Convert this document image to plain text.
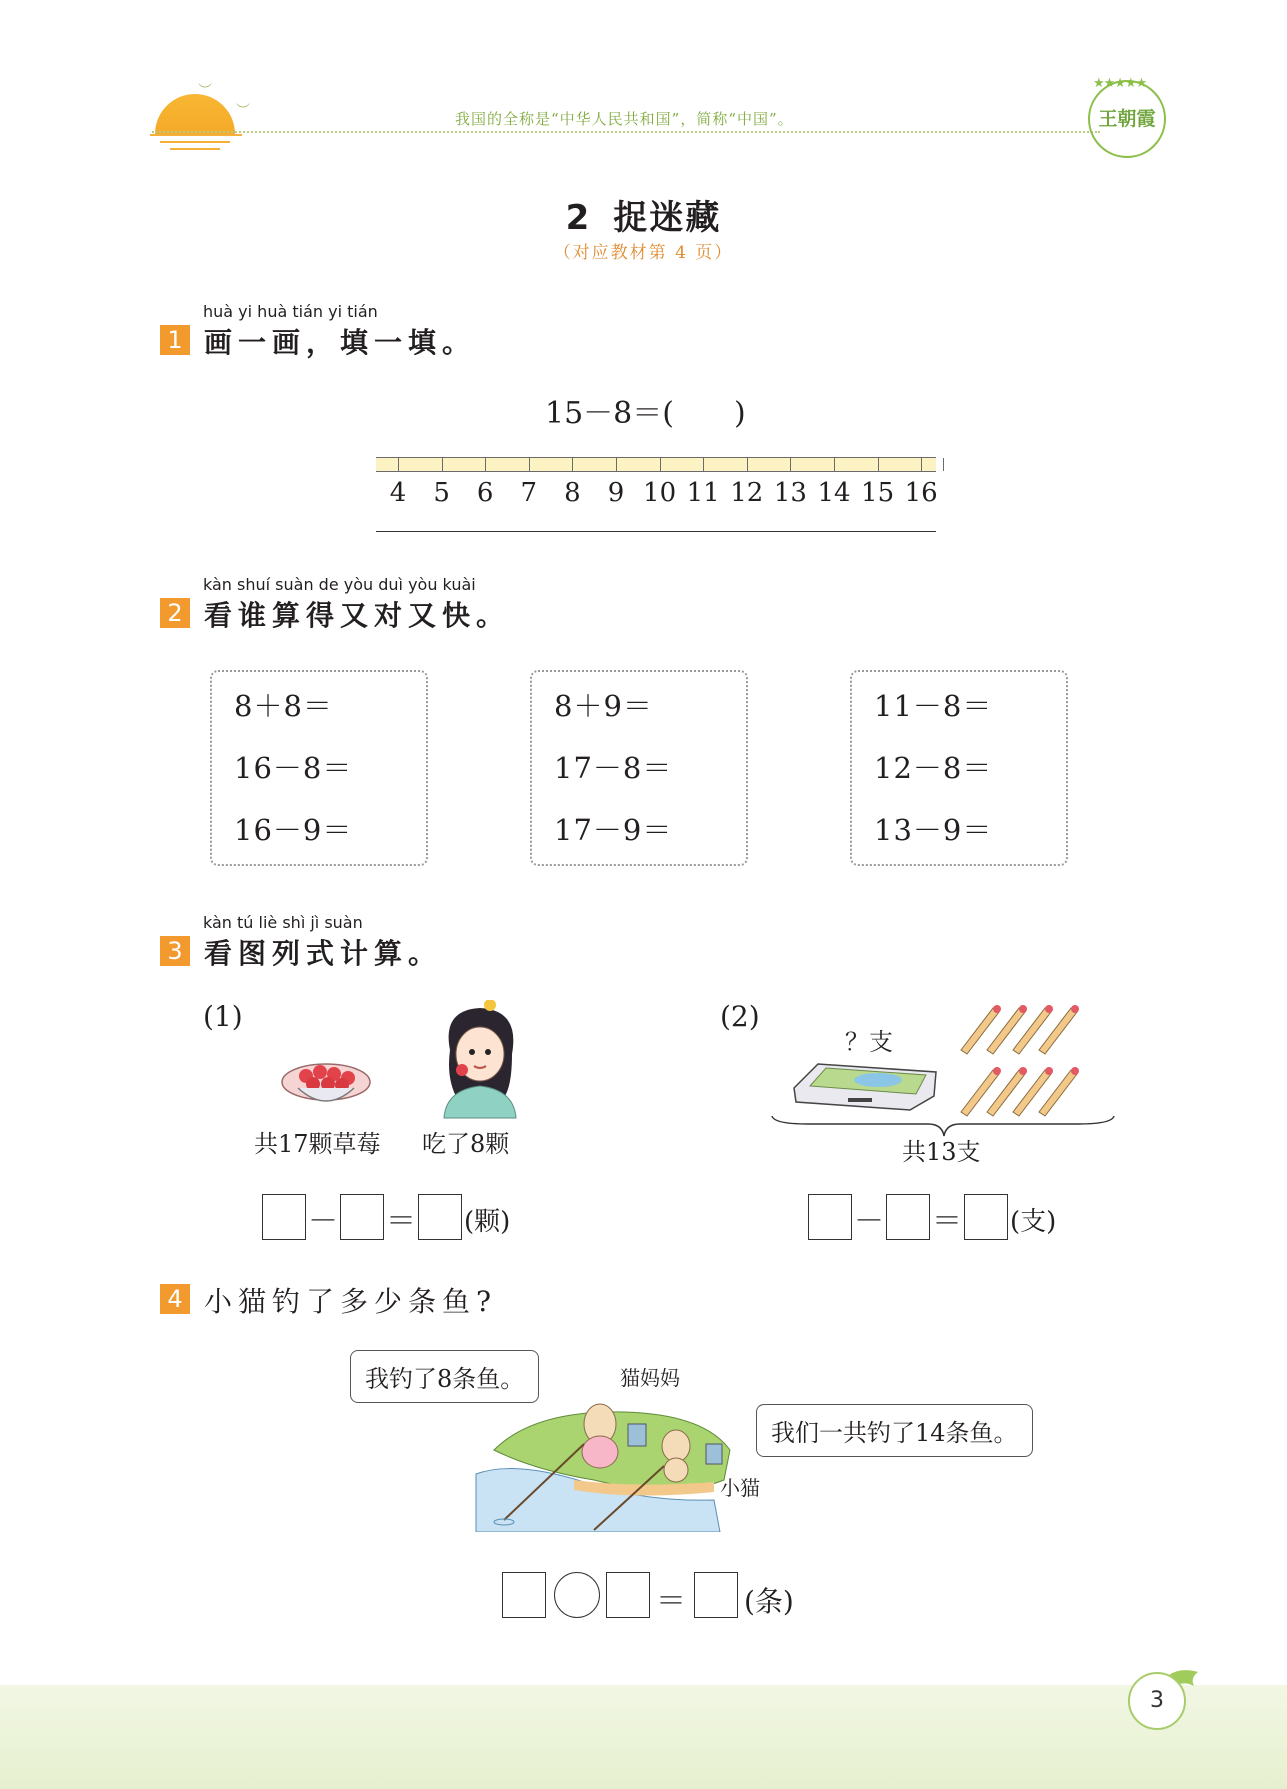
︶
︶	我国的全称是“中华人民共和国”，简称“中国”。
★★★★★
王朝霞
2 捉迷藏
（对应教材第 4 页）
huà yi huà tián yi tián
1 画一画，填一填。
15－8＝(　　)
4	5	6	7	8	9 10 11 12 13 14 15 16
kàn shuí suàn de yòu duì yòu kuài
2 看谁算得又对又快。
8＋8＝
16－8＝
16－9＝
8＋9＝
17－8＝
17－9＝
11－8＝
12－8＝
13－9＝
kàn tú liè shì jì suàn
3 看图列式计算。
(1)
共17颗草莓 吃了8颗
－ ＝ (颗)
(2)
？支
共13支
－ ＝ (支)
4 小猫钓了多少条鱼?
我钓了8条鱼。	猫妈妈
我们一共钓了14条鱼。
小猫
＝ (条)
3
